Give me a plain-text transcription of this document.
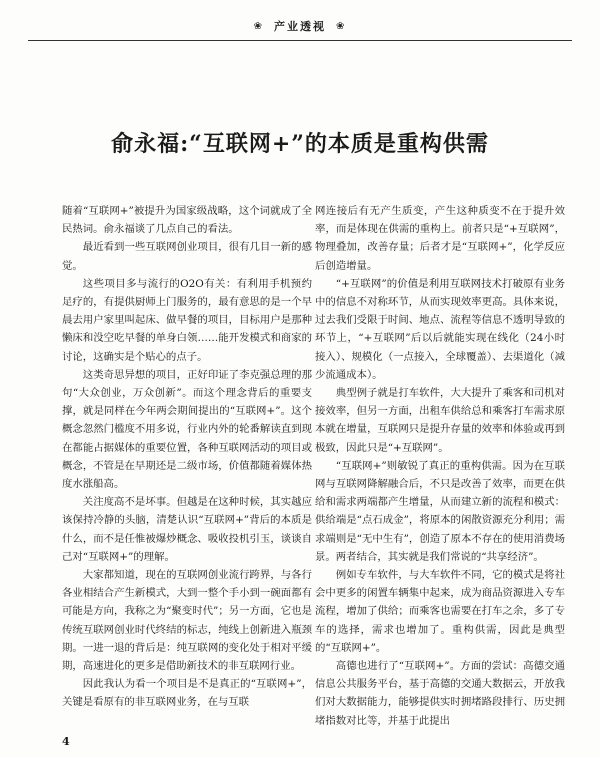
❀ 产业透视 ❀
俞永福:“互联网+”的本质是重构供需

随着“互联网+”被提升为国家级战略，这个词就成了全民热词。俞永福谈了几点自己的看法。

最近看到一些互联网创业项目，很有几目一新的感觉。

这些项目多与流行的O2O有关：有利用手机预约足疗的，有提供厨师上门服务的，最有意思的是一个早晨去用户家里叫起床、做早餐的项目，目标用户是那种懒床和没空吃早餐的单身白领……能开发模式和商家的讨论，这确实是个贴心的点子。

这类奇思异想的项目，正好印证了李克强总理的那句“大众创业，万众创新”。而这个理念背后的重要支撑，就是同样在今年两会期间提出的“互联网+”。这个概念忽然门槛度不用多说，行业内外的轮番解读直到现在都能占据媒体的重要位置，各种互联网活动的项目或概念，不管是在早期还是二级市场，价值都随着媒体热度水涨船高。

关注度高不是坏事。但越是在这种时候，其实越应该保持冷静的头脑，清楚认识“互联网+”背后的本质是什么，而不是任惟被爆炒概念、吸收投机引玉，谈谈自己对“互联网+”的理解。

大家都知道，现在的互联网创业流行跨界，与各行各业相结合产生新模式，大到一整个手小到一碗面都有可能是方向，我称之为“聚变时代”；另一方面，它也是传统互联网创业时代终结的标志，纯线上创新进入瓶颈期。一进一退的背后是：纯互联网的变化处于相对平缓期，高速进化的更多是借助新技术的非互联网行业。

因此我认为看一个项目是不是真正的“互联网+”，关键是看原有的非互联网业务，在与互联

网连接后有无产生质变，产生这种质变不在于提升效率，而是体现在供需的重构上。前者只是“+互联网”，物理叠加，改善存量；后者才是“互联网+”，化学反应后创造增量。

“+互联网”的价值是利用互联网技术打破原有业务中的信息不对称环节，从而实现效率更高。具体来说，过去我们受限于时间、地点、流程等信息不透明导致的环节上，“+互联网”后以后就能实现在线化（24小时接入）、规模化（一点接入，全球覆盖）、去渠道化（减少流通成本）。

典型例子就是打车软件，大大提升了乘客和司机对接效率，但另一方面，出租车供给总和乘客打车需求原本就在增量，互联网只是提升存量的效率和体验或再到极致，因此只是“+互联网”。

“互联网+”则敏锐了真正的重构供需。因为在互联网与互联网降解融合后，不只是改善了效率，而更在供给和需求两端都产生增量，从而建立新的流程和模式：供给端是“点石成金”，将原本的闲散资源充分利用；需求端则是“无中生有”，创造了原本不存在的使用消费场景。两者结合，其实就是我们常说的“共享经济”。

例如专车软件，与大车软件不同，它的模式是将社会中更多的闲置车辆集中起来，成为商品资源进入专车流程，增加了供给；而乘客也需要在打车之余，多了专车的选择，需求也增加了。重构供需，因此是典型的“互联网+”。

高德也进行了“互联网+”。方面的尝试：高德交通信息公共服务平台，基于高德的交通大数据云，开放我们对大数据能力，能够提供实时拥堵路段排行、历史拥堵指数对比等，并基于此提出

4
